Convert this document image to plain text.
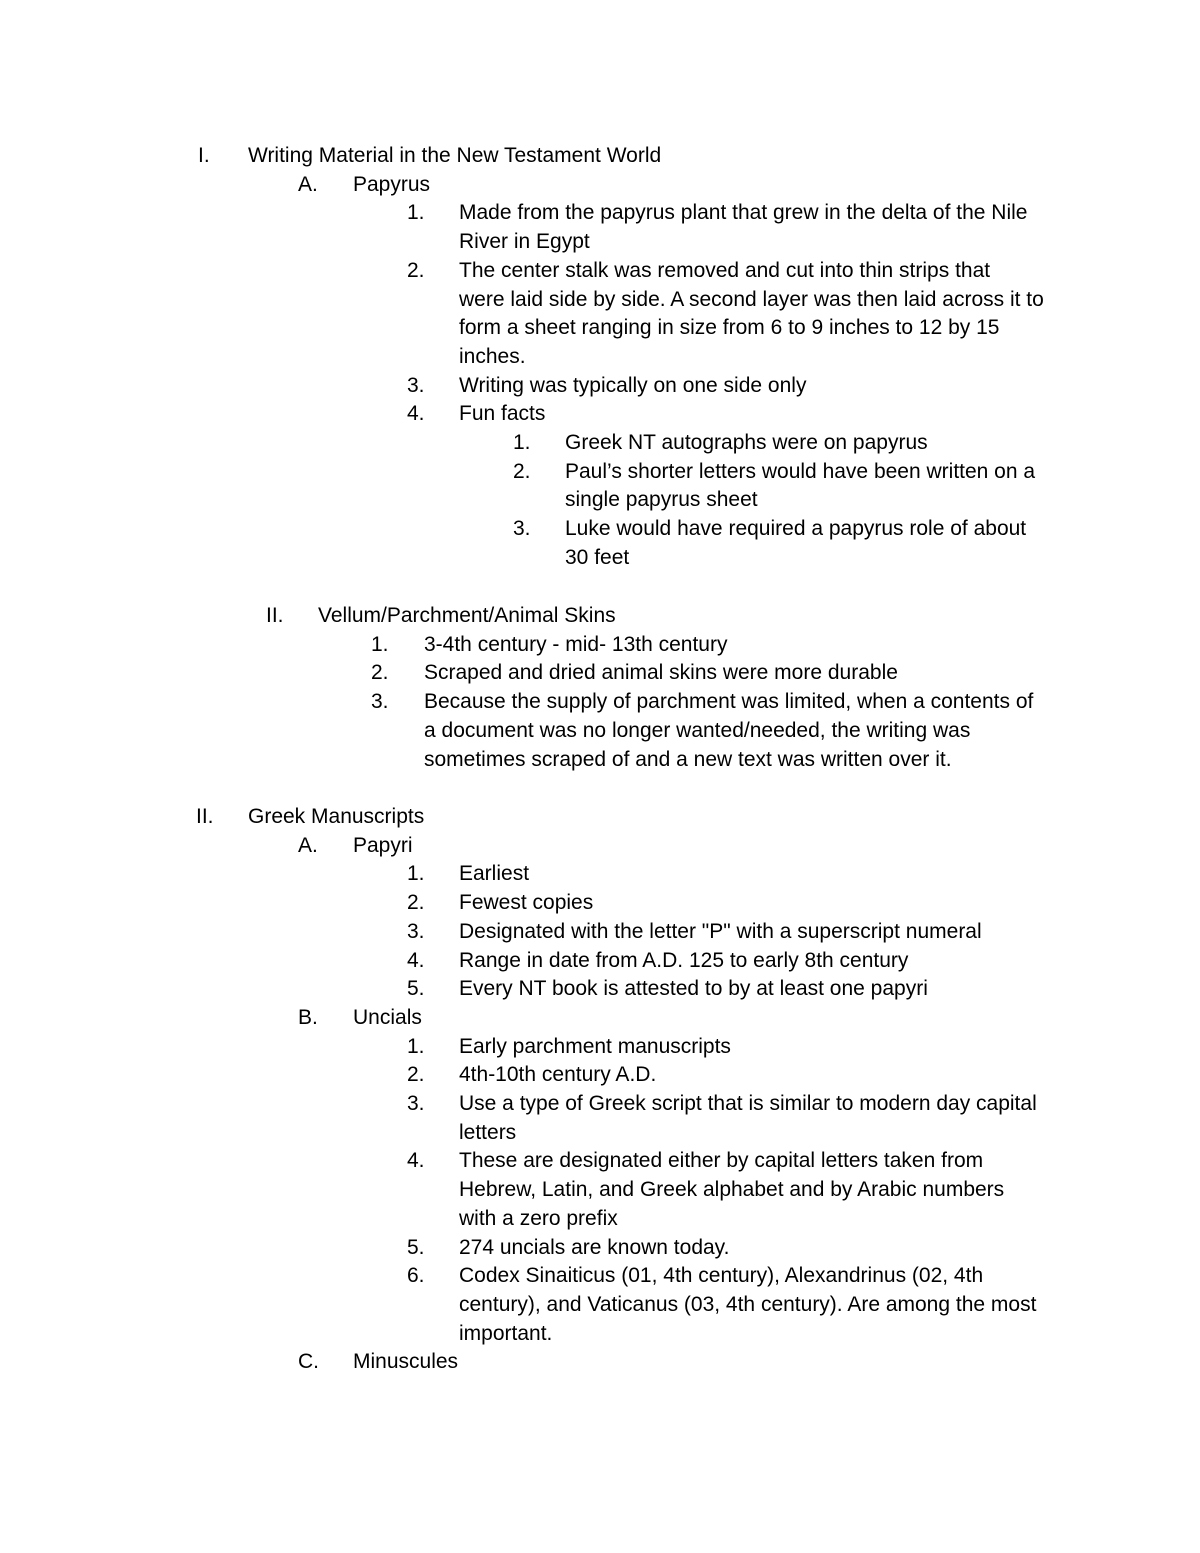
I.	Writing Material in the New Testament World
A.	Papyrus
1.	Made from the papyrus plant that grew in the delta of the Nile
River in Egypt
2.	The center stalk was removed and cut into thin strips that
were laid side by side. A second layer was then laid across it to
form a sheet ranging in size from 6 to 9 inches to 12 by 15
inches.
3.	Writing was typically on one side only
4.	Fun facts
1.	Greek NT autographs were on papyrus
2.	Paul’s shorter letters would have been written on a
single papyrus sheet
3.	Luke would have required a papyrus role of about
30 feet
II.	Vellum/Parchment/Animal Skins
1.	3-4th century - mid- 13th century
2.	Scraped and dried animal skins were more durable
3.	Because the supply of parchment was limited, when a contents of
a document was no longer wanted/needed, the writing was
sometimes scraped of and a new text was written over it.
II.	Greek Manuscripts
A.	Papyri
1.	Earliest
2.	Fewest copies
3.	Designated with the letter "P" with a superscript numeral
4.	Range in date from A.D. 125 to early 8th century
5.	Every NT book is attested to by at least one papyri
B.	Uncials
1.	Early parchment manuscripts
2.	4th-10th century A.D.
3.	Use a type of Greek script that is similar to modern day capital
letters
4.	These are designated either by capital letters taken from
Hebrew, Latin, and Greek alphabet and by Arabic numbers
with a zero prefix
5.	274 uncials are known today.
6.	Codex Sinaiticus (01, 4th century), Alexandrinus (02, 4th
century), and Vaticanus (03, 4th century). Are among the most
important.
C.	Minuscules
